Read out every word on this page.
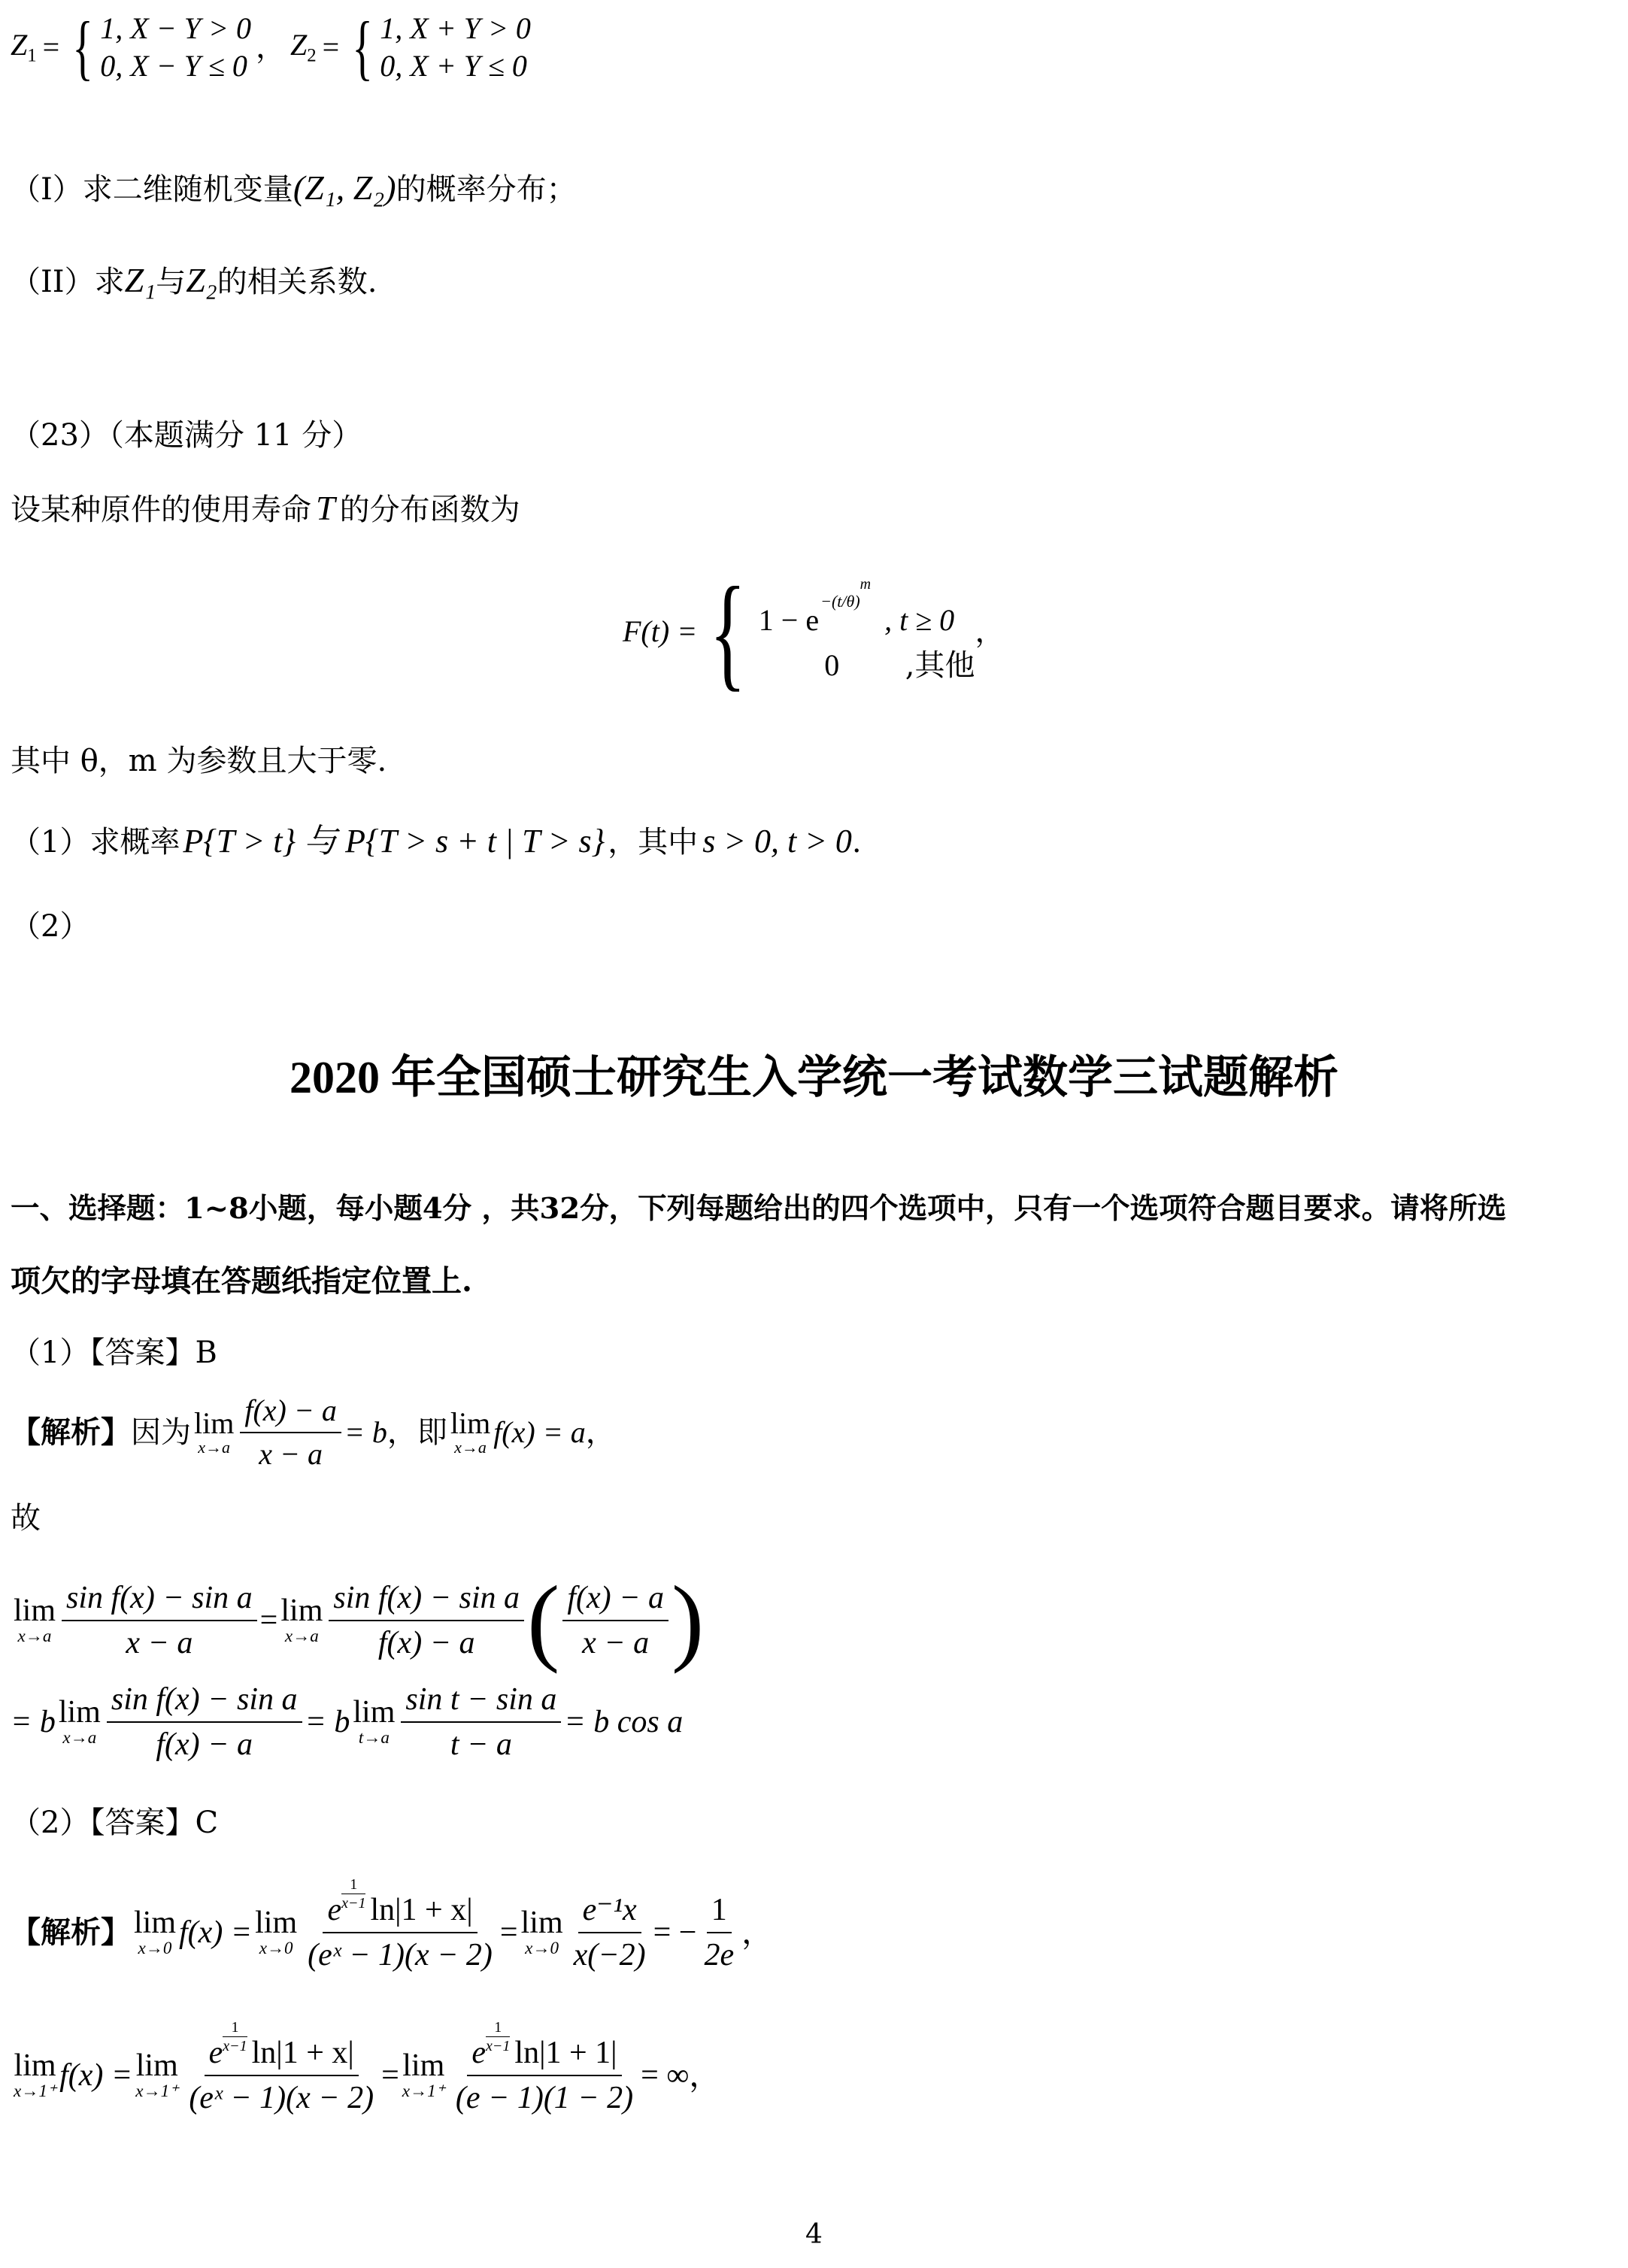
$Z_1$ = { 1, X − Y > 0
0, X − Y ≤ 0
， $Z_2$ = { 1, X + Y > 0
0, X + Y ≤ 0
（I）求二维随机变量(Z₁, Z₂)的概率分布；
（II）求Z₁与Z₂的相关系数.
（23）（本题满分 11 分）
设某种原件的使用寿命 T 的分布函数为
F(t) = { 1 − e
−(t/θ)
m
, t ≥ 0
0	,其他
，
其中 θ，m 为参数且大于零.
（1）求概率P{T > t} 与 P{T > s + t | T > s} ，其中 s > 0, t > 0.
（2）
2020 年全国硕士研究生入学统一考试数学三试题解析
一、选择题：1~8小题，每小题4分 ，共32分，下列每题给出的四个选项中，只有一个选项符合题目要求。请将所选
项欠的字母填在答题纸指定位置上.
（1）【答案】B
【解析】 因为 lim
$x\to a \frac{f(x) - a}{x - a} = b$ ，即 lim
x→a f(x) = a ，
故
lim
$x\to a \frac{\text{sin f(x) − sin a}}{x - a} = \lim$
$x\to a \frac{\text{sin f(x) − sin a}}{f(x) - a}$ ( $\frac{f(x) - a}{x - a}$ )
= b lim
$x\to a \frac{\text{sin f(x) − sin a}}{f(x) - a} = b$ lim
$t\to a \frac{\text{sin t − sin a}}{t - a} = b$ cos a
（2）【答案】C
【解析】 lim
x→0 f(x) = lim
x→0 e
1
x−1 ln|1 + x|
(eˣ − 1)(x − 2) = lim
$x\to 0 \frac{\text{e⁻¹x}}{x(-2)}$ = − $\frac{1}{2e}$ ，
lim
x→1⁺ f(x) = lim
x→1⁺ e
1
x−1 ln|1 + x|
(eˣ − 1)(x − 2) = lim
x→1⁺ e
1
x−1 ln|1 + 1|
(e − 1)(1 − 2) = ∞ ，
4
